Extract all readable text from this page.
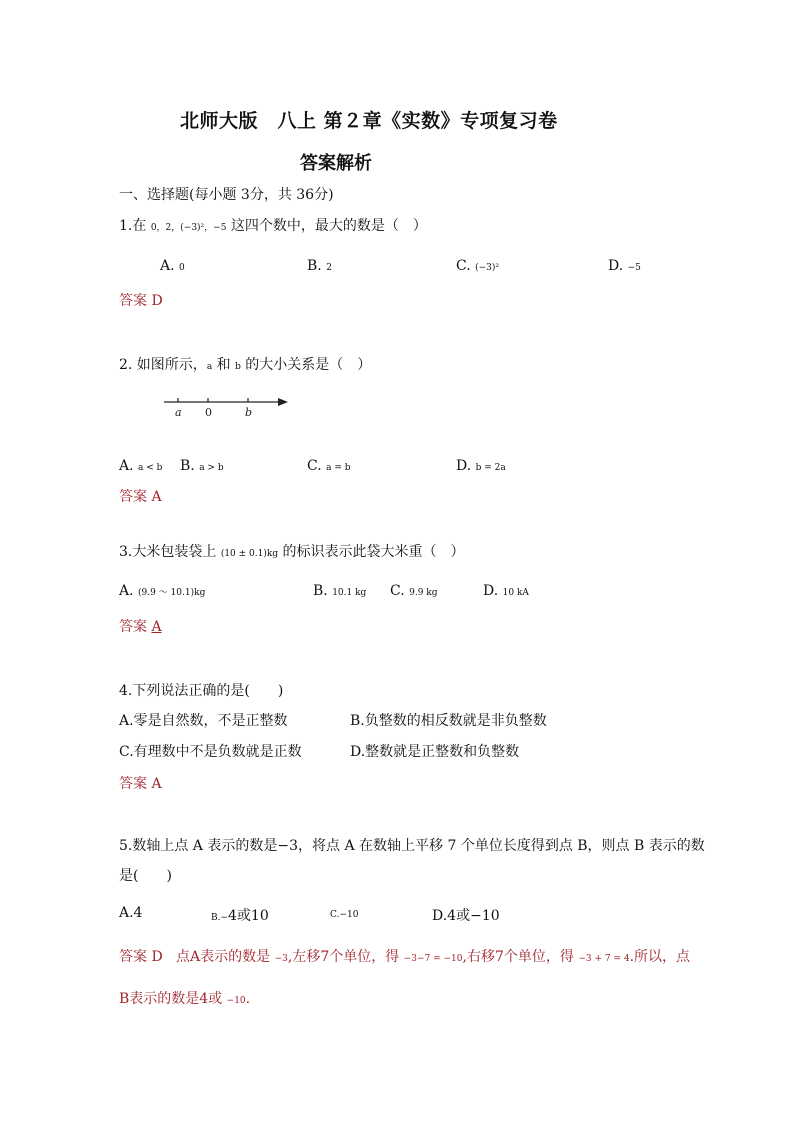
北师大版　八上 第２章《实数》专项复习卷
答案解析
一、选择题(每小题 3分，共 36分)
1.在 0，2，(−3)²，−5 这四个数中，最大的数是（　）
A. 0	B. 2	C. (−3)²	D. −5
答案 D
2. 如图所示，a 和 b 的大小关系是（　）
a 0	b
A. a < b B. a > b	C. a = b	D. b = 2a
答案 A
3.大米包装袋上 (10 ± 0.1)kg 的标识表示此袋大米重（　）
A. (9.9 ～ 10.1)kg	B. 10.1 kg C. 9.9 kg	D. 10 kA
答案 A
4.下列说法正确的是(　　)
A.零是自然数，不是正整数	B.负整数的相反数就是非负整数
C.有理数中不是负数就是正数	D.整数就是正整数和负整数
答案 A
5.数轴上点 A 表示的数是−3，将点 A 在数轴上平移 7 个单位长度得到点 B，则点 B 表示的数
是(　　)
A.4	B.−4或10	C.−10	D.4或−10
答案 D 点A表示的数是 −3,左移7个单位，得 −3−7 = −10,右移7个单位，得 −3 + 7 = 4.所以，点
B表示的数是4或 −10.
